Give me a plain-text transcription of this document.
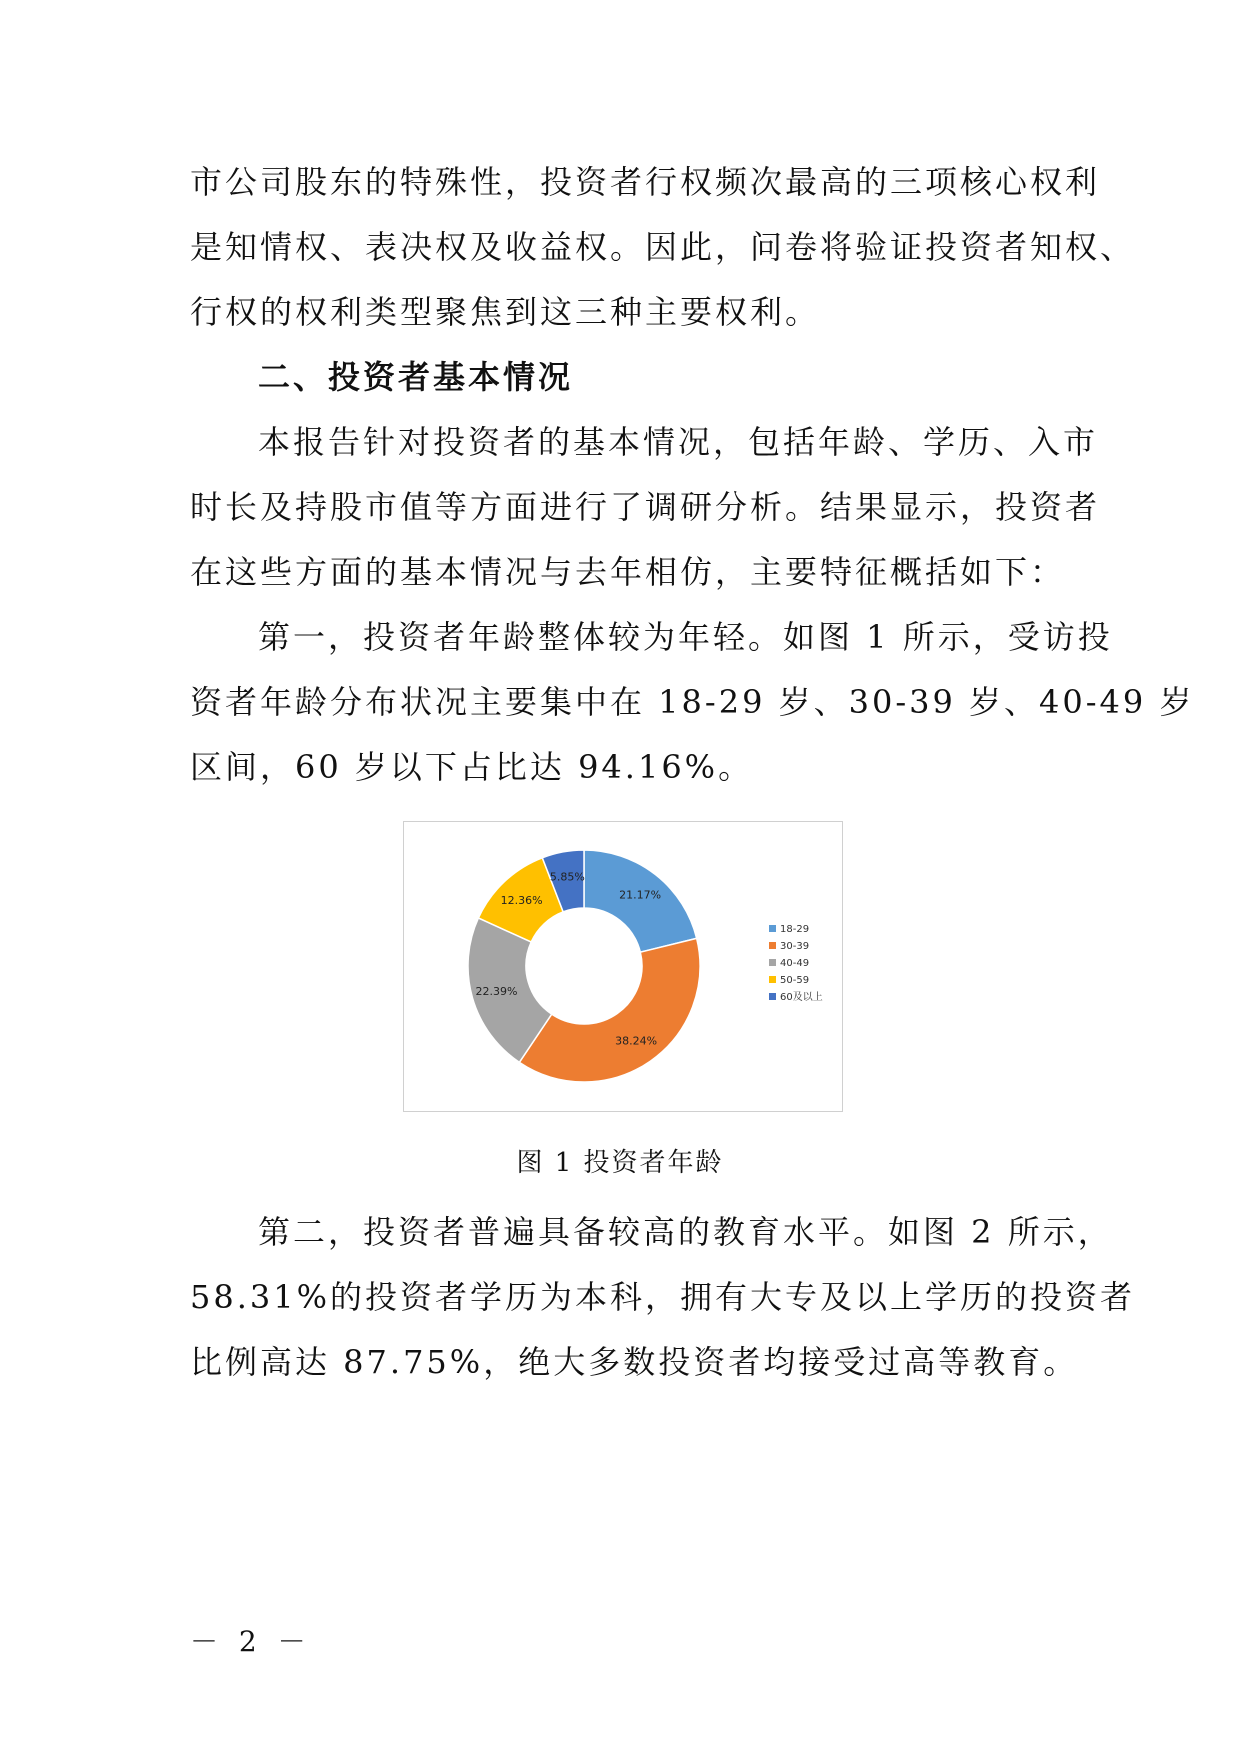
市公司股东的特殊性，投资者行权频次最高的三项核心权利
是知情权、表决权及收益权。因此，问卷将验证投资者知权、
行权的权利类型聚焦到这三种主要权利。
二、投资者基本情况
本报告针对投资者的基本情况，包括年龄、学历、入市
时长及持股市值等方面进行了调研分析。结果显示，投资者
在这些方面的基本情况与去年相仿，主要特征概括如下：
第一，投资者年龄整体较为年轻。如图 1 所示，受访投
资者年龄分布状况主要集中在 18-29 岁、30-39 岁、40-49 岁
区间，60 岁以下占比达 94.16%。
21.17%
38.24%
22.39%
12.36%
5.85%
18-29
30-39
40-49
50-59
60及以上
图 1 投资者年龄
第二，投资者普遍具备较高的教育水平。如图 2 所示，
58.31%的投资者学历为本科，拥有大专及以上学历的投资者
比例高达 87.75%，绝大多数投资者均接受过高等教育。
－ 2 －
